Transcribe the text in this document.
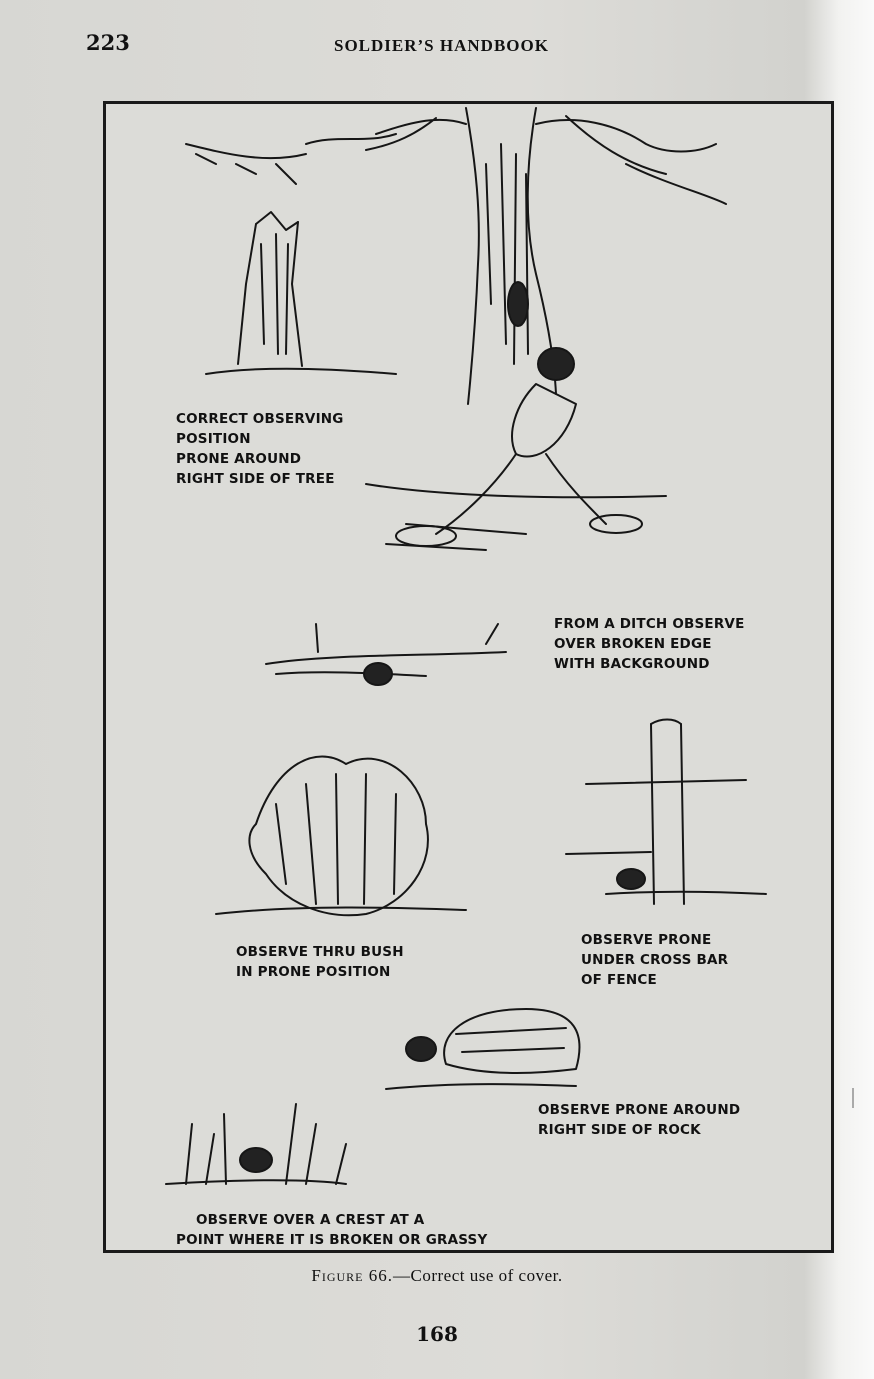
223	SOLDIER’S HANDBOOK
CORRECT OBSERVING
POSITION
PRONE AROUND
RIGHT SIDE OF TREE
FROM A DITCH OBSERVE
OVER BROKEN EDGE
WITH BACKGROUND
OBSERVE THRU BUSH
IN PRONE POSITION
OBSERVE PRONE
UNDER CROSS BAR
OF FENCE
OBSERVE PRONE AROUND
RIGHT SIDE OF ROCK
OBSERVE OVER A CREST AT A
POINT WHERE IT IS BROKEN OR GRASSY
Figure 66.—Correct use of cover.
168
